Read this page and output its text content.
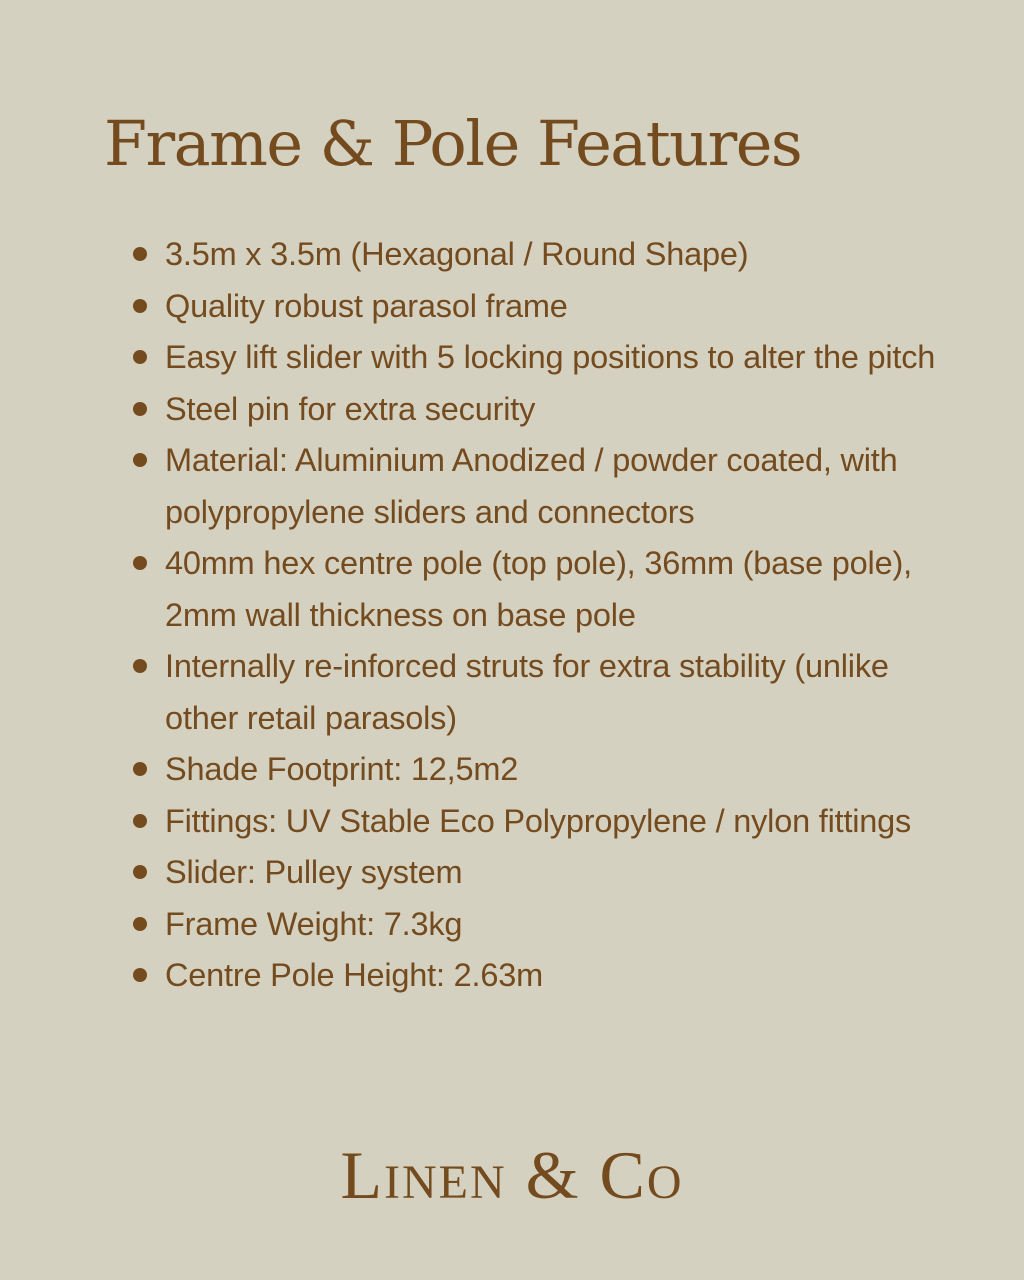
Frame & Pole Features
3.5m x 3.5m (Hexagonal / Round Shape)
Quality robust parasol frame
Easy lift slider with 5 locking positions to alter the pitch
Steel pin for extra security
Material: Aluminium Anodized / powder coated, with polypropylene sliders and connectors
40mm hex centre pole (top pole), 36mm (base pole), 2mm wall thickness on base pole
Internally re-inforced struts for extra stability (unlike other retail parasols)
Shade Footprint: 12,5m2
Fittings: UV Stable Eco Polypropylene / nylon fittings
Slider: Pulley system
Frame Weight: 7.3kg
Centre Pole Height: 2.63m
Linen & Co
